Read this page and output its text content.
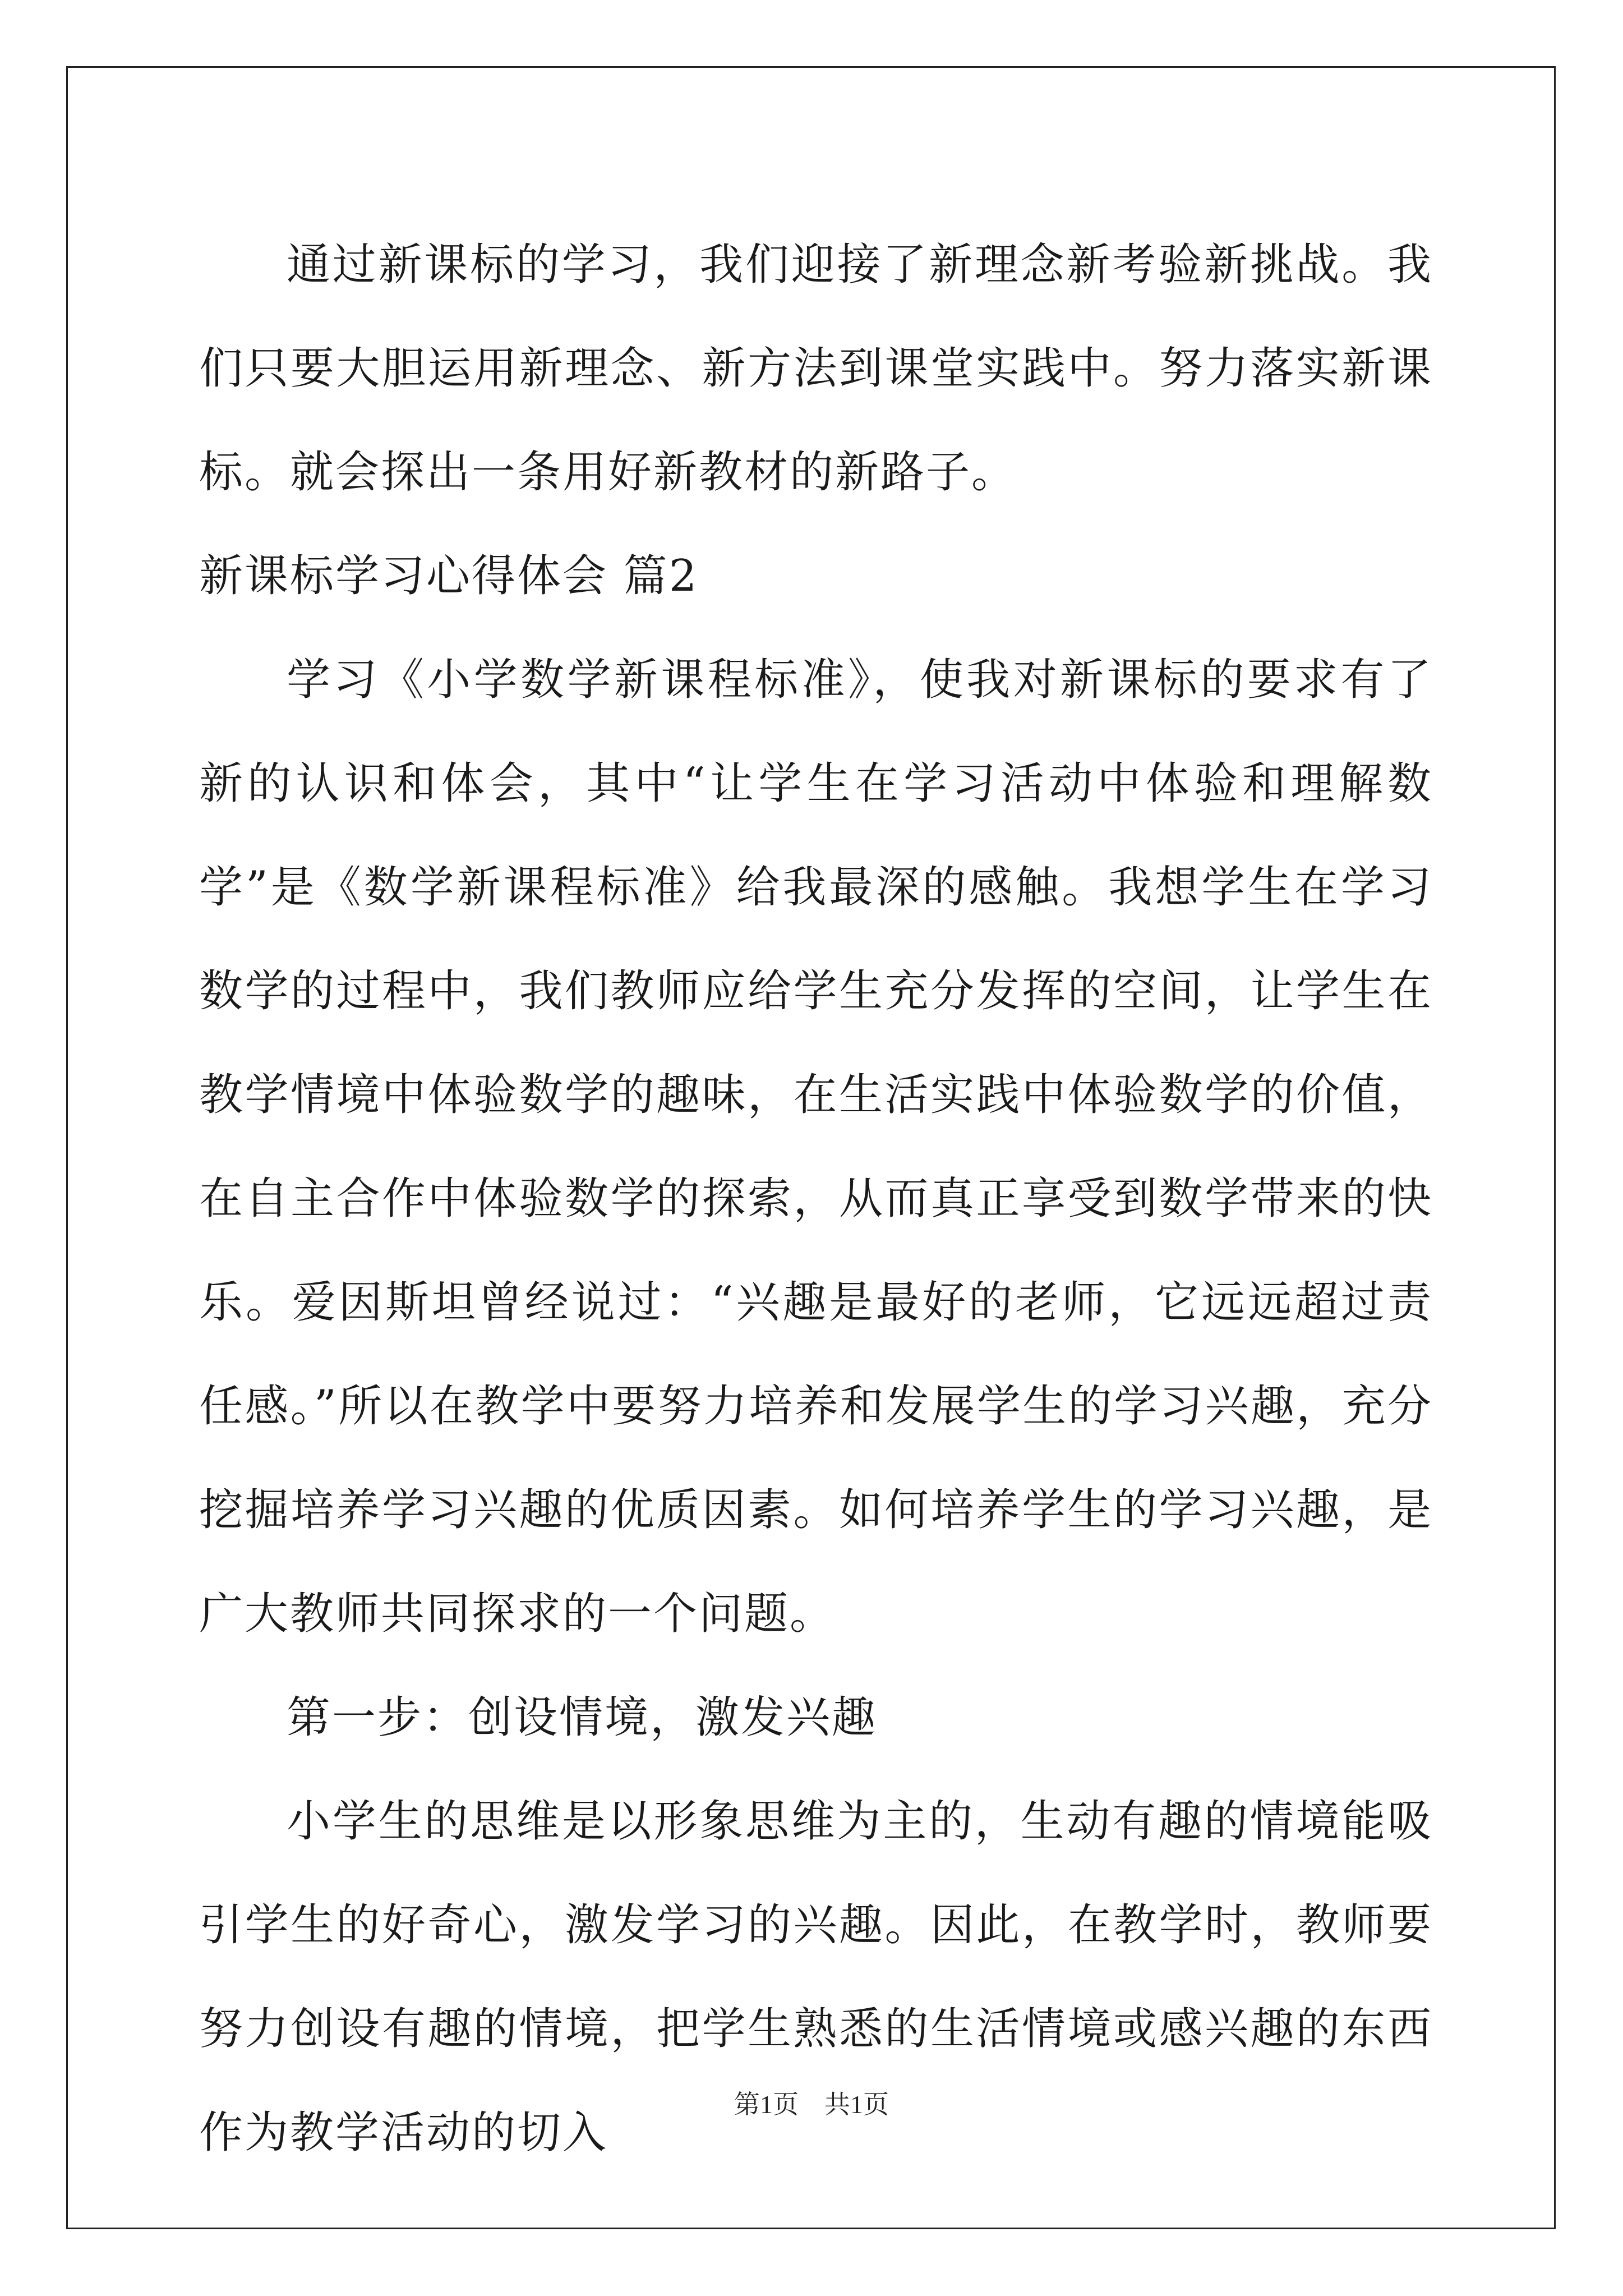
通过新课标的学习，我们迎接了新理念新考验新挑战。我们只要大胆运用新理念、新方法到课堂实践中。努力落实新课标。就会探出一条用好新教材的新路子。

新课标学习心得体会 篇2

学习《小学数学新课程标准》，使我对新课标的要求有了新的认识和体会，其中“让学生在学习活动中体验和理解数学”是《数学新课程标准》给我最深的感触。我想学生在学习数学的过程中，我们教师应给学生充分发挥的空间，让学生在教学情境中体验数学的趣味，在生活实践中体验数学的价值，在自主合作中体验数学的探索，从而真正享受到数学带来的快乐。爱因斯坦曾经说过：“兴趣是最好的老师，它远远超过责任感。”所以在教学中要努力培养和发展学生的学习兴趣，充分挖掘培养学习兴趣的优质因素。如何培养学生的学习兴趣，是广大教师共同探求的一个问题。

第一步：创设情境，激发兴趣

小学生的思维是以形象思维为主的，生动有趣的情境能吸引学生的好奇心，激发学习的兴趣。因此，在教学时，教师要努力创设有趣的情境，把学生熟悉的生活情境或感兴趣的东西作为教学活动的切入

第1页　共1页
